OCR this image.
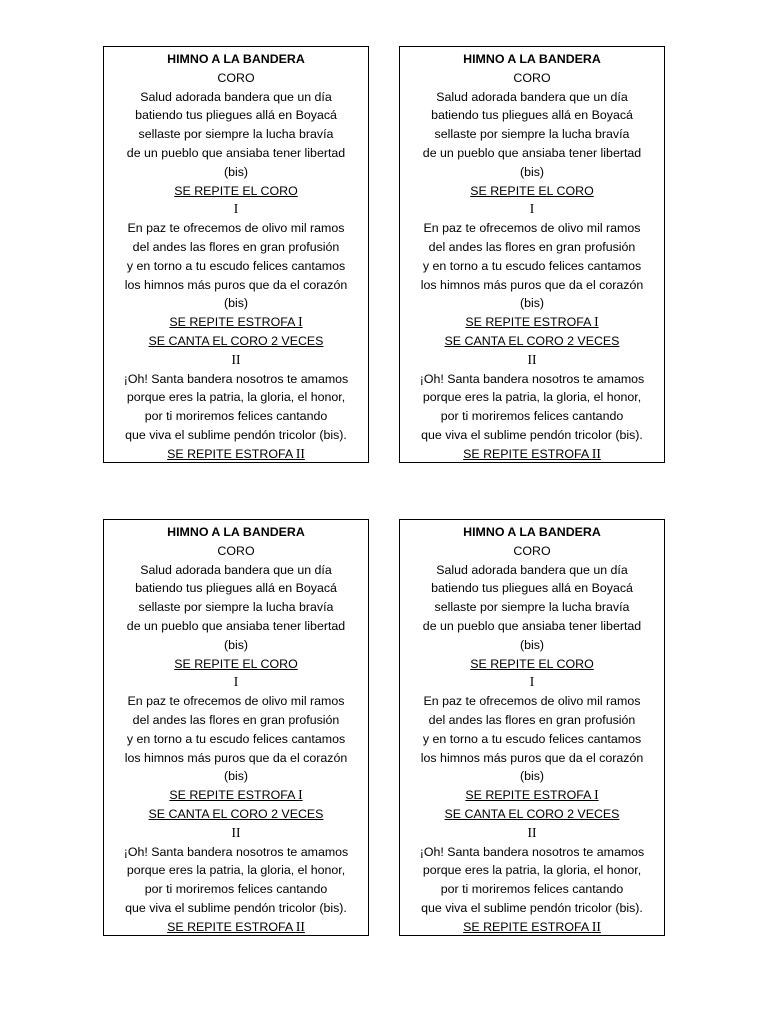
HIMNO A LA BANDERA
CORO
Salud adorada bandera que un día
batiendo tus pliegues allá en Boyacá
sellaste por siempre la lucha bravía
de un pueblo que ansiaba tener libertad
(bis)
SE REPITE EL CORO
I
En paz te ofrecemos de olivo mil ramos
del andes las flores en gran profusión
y en torno a tu escudo felices cantamos
los himnos más puros que da el corazón
(bis)
SE REPITE ESTROFA I
SE CANTA EL CORO 2 VECES
II
¡Oh! Santa bandera nosotros te amamos
porque eres la patria, la gloria, el honor,
por ti moriremos felices cantando
que viva el sublime pendón tricolor (bis).
SE REPITE ESTROFA II
HIMNO A LA BANDERA
CORO
Salud adorada bandera que un día
batiendo tus pliegues allá en Boyacá
sellaste por siempre la lucha bravía
de un pueblo que ansiaba tener libertad
(bis)
SE REPITE EL CORO
I
En paz te ofrecemos de olivo mil ramos
del andes las flores en gran profusión
y en torno a tu escudo felices cantamos
los himnos más puros que da el corazón
(bis)
SE REPITE ESTROFA I
SE CANTA EL CORO 2 VECES
II
¡Oh! Santa bandera nosotros te amamos
porque eres la patria, la gloria, el honor,
por ti moriremos felices cantando
que viva el sublime pendón tricolor (bis).
SE REPITE ESTROFA II
HIMNO A LA BANDERA
CORO
Salud adorada bandera que un día
batiendo tus pliegues allá en Boyacá
sellaste por siempre la lucha bravía
de un pueblo que ansiaba tener libertad
(bis)
SE REPITE EL CORO
I
En paz te ofrecemos de olivo mil ramos
del andes las flores en gran profusión
y en torno a tu escudo felices cantamos
los himnos más puros que da el corazón
(bis)
SE REPITE ESTROFA I
SE CANTA EL CORO 2 VECES
II
¡Oh! Santa bandera nosotros te amamos
porque eres la patria, la gloria, el honor,
por ti moriremos felices cantando
que viva el sublime pendón tricolor (bis).
SE REPITE ESTROFA II
HIMNO A LA BANDERA
CORO
Salud adorada bandera que un día
batiendo tus pliegues allá en Boyacá
sellaste por siempre la lucha bravía
de un pueblo que ansiaba tener libertad
(bis)
SE REPITE EL CORO
I
En paz te ofrecemos de olivo mil ramos
del andes las flores en gran profusión
y en torno a tu escudo felices cantamos
los himnos más puros que da el corazón
(bis)
SE REPITE ESTROFA I
SE CANTA EL CORO 2 VECES
II
¡Oh! Santa bandera nosotros te amamos
porque eres la patria, la gloria, el honor,
por ti moriremos felices cantando
que viva el sublime pendón tricolor (bis).
SE REPITE ESTROFA II
